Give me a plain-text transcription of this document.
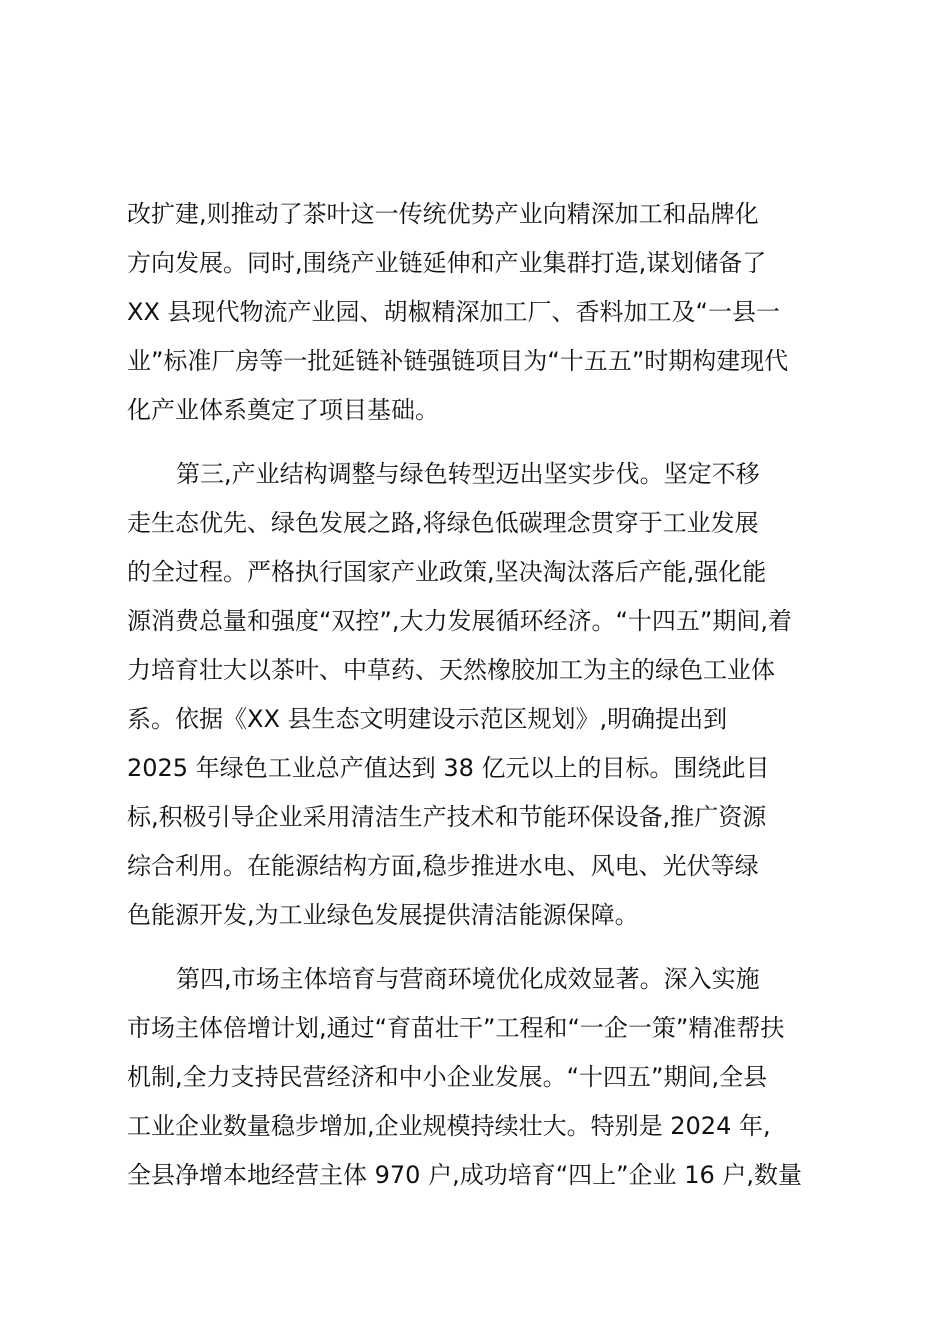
改扩建,则推动了茶叶这一传统优势产业向精深加工和品牌化
方向发展。同时,围绕产业链延伸和产业集群打造,谋划储备了
XX 县现代物流产业园、胡椒精深加工厂、香料加工及“一县一
业”标准厂房等一批延链补链强链项目为“十五五”时期构建现代
化产业体系奠定了项目基础。
第三,产业结构调整与绿色转型迈出坚实步伐。坚定不移
走生态优先、绿色发展之路,将绿色低碳理念贯穿于工业发展
的全过程。严格执行国家产业政策,坚决淘汰落后产能,强化能
源消费总量和强度“双控”,大力发展循环经济。“十四五”期间,着
力培育壮大以茶叶、中草药、天然橡胶加工为主的绿色工业体
系。依据《XX 县生态文明建设示范区规划》,明确提出到
2025 年绿色工业总产值达到 38 亿元以上的目标。围绕此目
标,积极引导企业采用清洁生产技术和节能环保设备,推广资源
综合利用。在能源结构方面,稳步推进水电、风电、光伏等绿
色能源开发,为工业绿色发展提供清洁能源保障。
第四,市场主体培育与营商环境优化成效显著。深入实施
市场主体倍增计划,通过“育苗壮干”工程和“一企一策”精准帮扶
机制,全力支持民营经济和中小企业发展。“十四五”期间,全县
工业企业数量稳步增加,企业规模持续壮大。特别是 2024 年,
全县净增本地经营主体 970 户,成功培育“四上”企业 16 户,数量
